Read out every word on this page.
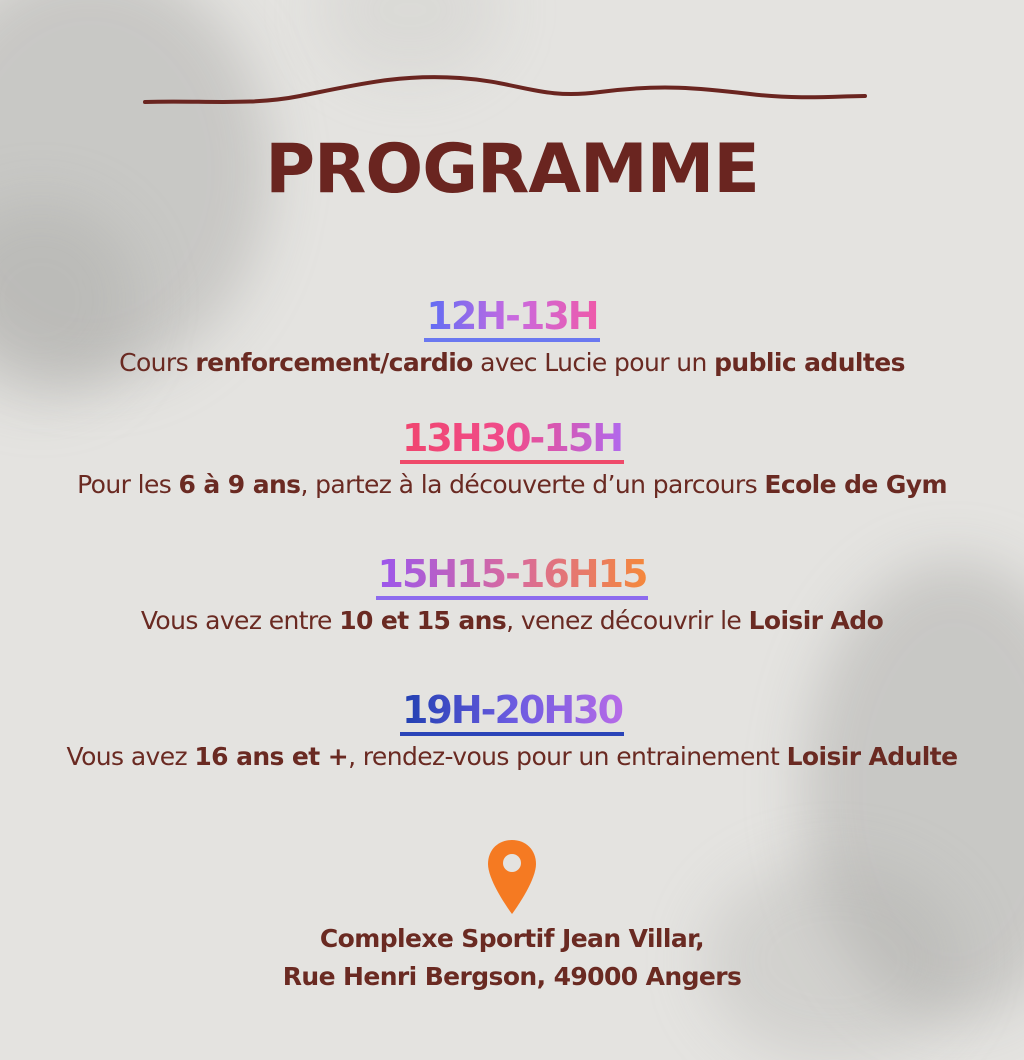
PROGRAMME
12H-13H
Cours renforcement/cardio avec Lucie pour un public adultes
13H30-15H
Pour les 6 à 9 ans, partez à la découverte d’un parcours Ecole de Gym
15H15-16H15
Vous avez entre 10 et 15 ans, venez découvrir le Loisir Ado
19H-20H30
Vous avez 16 ans et +, rendez-vous pour un entrainement Loisir Adulte
Complexe Sportif Jean Villar,
Rue Henri Bergson, 49000 Angers
